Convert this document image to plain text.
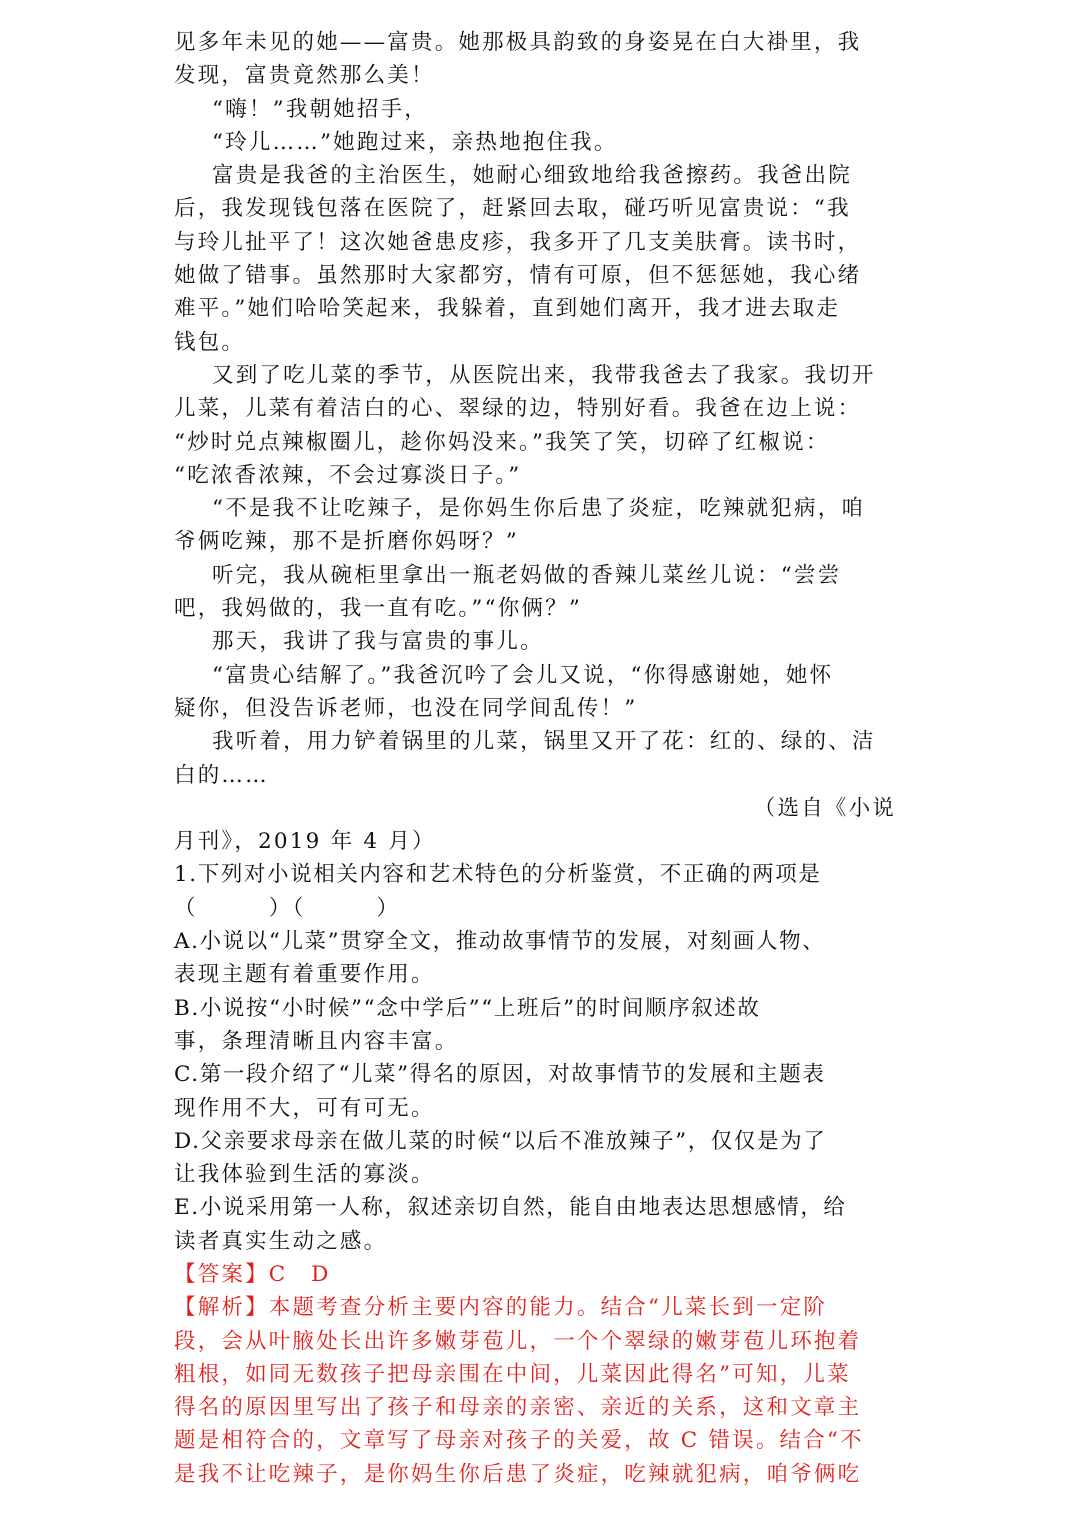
见多年未见的她——富贵。她那极具韵致的身姿晃在白大褂里，我
发现，富贵竟然那么美！
“嗨！”我朝她招手，
“玲儿……”她跑过来，亲热地抱住我。
富贵是我爸的主治医生，她耐心细致地给我爸擦药。我爸出院
后，我发现钱包落在医院了，赶紧回去取，碰巧听见富贵说：“我
与玲儿扯平了！这次她爸患皮疹，我多开了几支美肤膏。读书时，
她做了错事。虽然那时大家都穷，情有可原，但不惩惩她，我心绪
难平。”她们哈哈笑起来，我躲着，直到她们离开，我才进去取走
钱包。
又到了吃儿菜的季节，从医院出来，我带我爸去了我家。我切开
儿菜，儿菜有着洁白的心、翠绿的边，特别好看。我爸在边上说：
“炒时兑点辣椒圈儿，趁你妈没来。”我笑了笑，切碎了红椒说：
“吃浓香浓辣，不会过寡淡日子。”
“不是我不让吃辣子，是你妈生你后患了炎症，吃辣就犯病，咱
爷俩吃辣，那不是折磨你妈呀？”
听完，我从碗柜里拿出一瓶老妈做的香辣儿菜丝儿说：“尝尝
吧，我妈做的，我一直有吃。”“你俩？”
那天，我讲了我与富贵的事儿。
“富贵心结解了。”我爸沉吟了会儿又说，“你得感谢她，她怀
疑你，但没告诉老师，也没在同学间乱传！”
我听着，用力铲着锅里的儿菜，锅里又开了花：红的、绿的、洁
白的……
（选自《小说
月刊》，2019 年 4 月）
1.下列对小说相关内容和艺术特色的分析鉴赏，不正确的两项是
（　　　）（　　　）
A.小说以“儿菜”贯穿全文，推动故事情节的发展，对刻画人物、
表现主题有着重要作用。
B.小说按“小时候”“念中学后”“上班后”的时间顺序叙述故
事，条理清晰且内容丰富。
C.第一段介绍了“儿菜”得名的原因，对故事情节的发展和主题表
现作用不大，可有可无。
D.父亲要求母亲在做儿菜的时候“以后不准放辣子”，仅仅是为了
让我体验到生活的寡淡。
E.小说采用第一人称，叙述亲切自然，能自由地表达思想感情，给
读者真实生动之感。
【答案】C　D
【解析】本题考查分析主要内容的能力。结合“儿菜长到一定阶
段，会从叶腋处长出许多嫩芽苞儿，一个个翠绿的嫩芽苞儿环抱着
粗根，如同无数孩子把母亲围在中间，儿菜因此得名”可知，儿菜
得名的原因里写出了孩子和母亲的亲密、亲近的关系，这和文章主
题是相符合的，文章写了母亲对孩子的关爱，故 C 错误。结合“不
是我不让吃辣子，是你妈生你后患了炎症，吃辣就犯病，咱爷俩吃
